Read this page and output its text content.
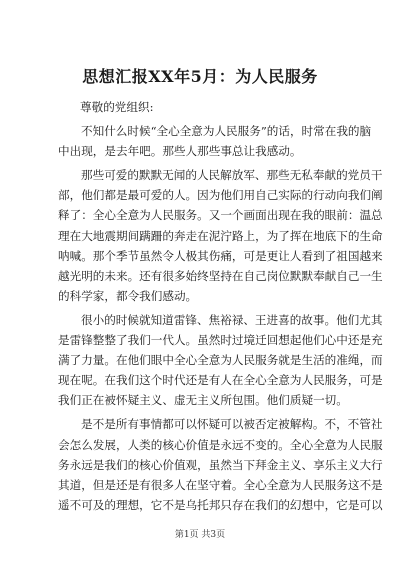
思想汇报XX年5月：为人民服务

尊敬的党组织:

不知什么时候“全心全意为人民服务”的话，时常在我的脑
中出现，是去年吧。那些人那些事总让我感动。

那些可爱的默默无闻的人民解放军、那些无私奉献的党员干
部，他们都是最可爱的人。因为他们用自己实际的行动向我们阐
释了：全心全意为人民服务。又一个画面出现在我的眼前：温总
理在大地震期间蹒跚的奔走在泥泞路上，为了挥在地底下的生命
呐喊。那个季节虽然令人极其伤痛，可是更让人看到了祖国越来
越光明的未来。还有很多始终坚持在自己岗位默默奉献自己一生
的科学家，都令我们感动。

很小的时候就知道雷锋、焦裕禄、王进喜的故事。他们尤其
是雷锋整整了我们一代人。虽然时过境迁回想起他们心中还是充
满了力量。在他们眼中全心全意为人民服务就是生活的准绳，而
现在呢。在我们这个时代还是有人在全心全意为人民服务，可是
我们正在被怀疑主义、虚无主义所包围。他们质疑一切。

是不是所有事情都可以怀疑可以被否定被解构。不，不管社
会怎么发展，人类的核心价值是永远不变的。全心全意为人民服
务永远是我们的核心价值观，虽然当下拜金主义、享乐主义大行
其道，但是还是有很多人在坚守着。全心全意为人民服务这不是
遥不可及的理想，它不是乌托邦只存在我们的幻想中，它是可以

第1页 共3页
